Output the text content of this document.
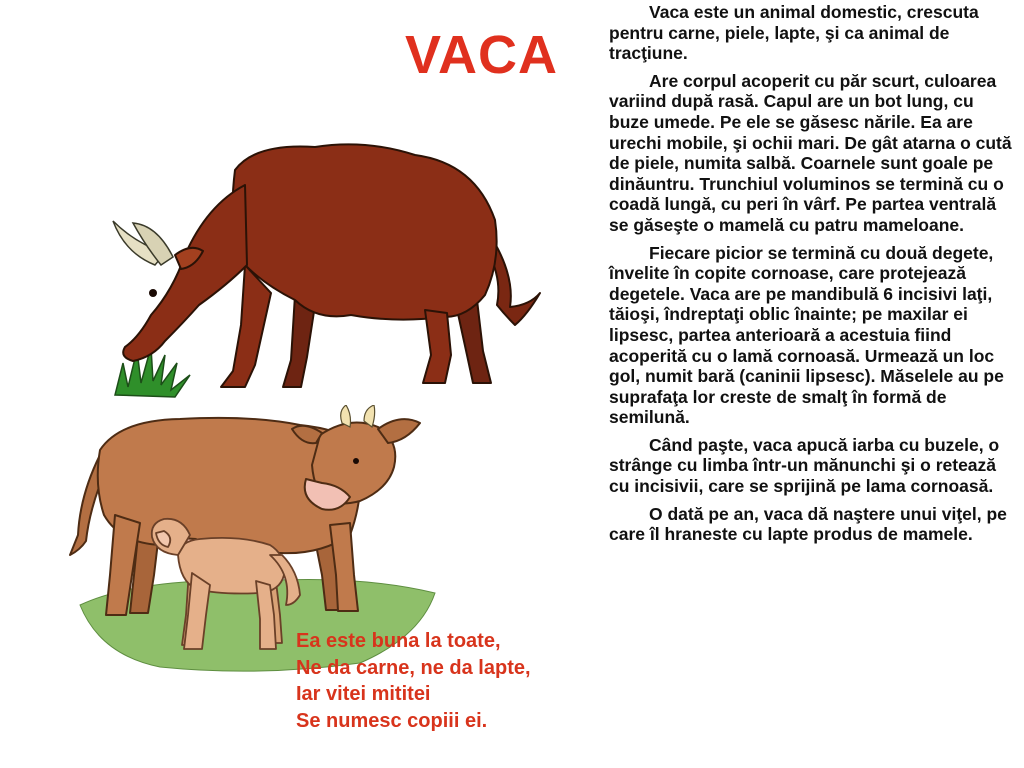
VACA

Vaca este un animal domestic, crescuta pentru carne, piele, lapte, şi ca animal de tracţiune.

Are corpul acoperit cu păr scurt, culoarea variind după rasă. Capul are un bot lung, cu buze umede. Pe ele se găsesc nările. Ea are urechi mobile, şi ochii mari. De gât atarna o cută de piele, numita salbă. Coarnele sunt goale pe dinăuntru. Trunchiul voluminos se termină cu o coadă lungă, cu peri în vârf. Pe partea ventrală se găseşte o mamelă cu patru mameloane.

Fiecare picior se termină cu două degete, învelite în copite cornoase, care protejează degetele. Vaca are pe mandibulă 6 incisivi laţi, tăioşi, îndreptaţi oblic înainte; pe maxilar ei lipsesc, partea anterioară a acestuia fiind acoperită cu o lamă cornoasă. Urmează un loc gol, numit bară (caninii lipsesc). Măselele au pe suprafaţa lor creste de smalţ în formă de semilună.

Când paşte, vaca apucă iarba cu buzele, o strânge cu limba într-un mănunchi şi o retează cu incisivii, care se sprijină pe lama cornoasă.

O dată pe an, vaca dă naştere unui viţel, pe care îl hraneste cu lapte produs de mamele.

Ea este buna la toate,
Ne da carne, ne da lapte,
Iar vitei mititei
Se numesc copiii ei.
